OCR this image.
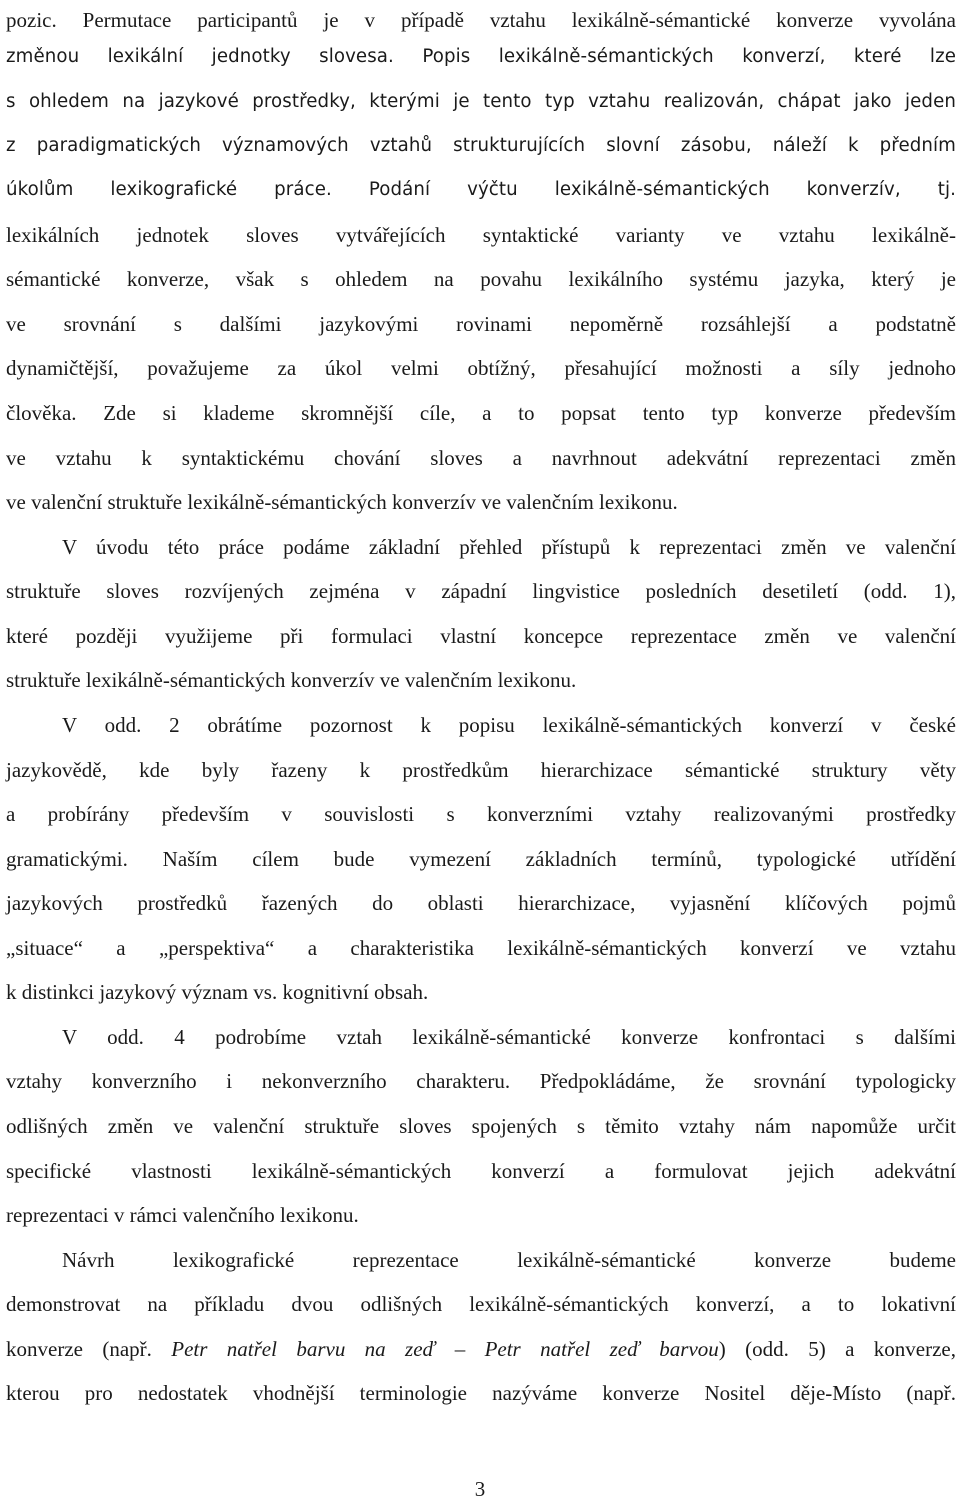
pozic. Permutace participantů je v případě vztahu lexikálně-sémantické konverze vyvolána
změnou lexikální jednotky slovesa. Popis lexikálně-sémantických konverzí, které lze
s ohledem na jazykové prostředky, kterými je tento typ vztahu realizován, chápat jako jeden
z paradigmatických významových vztahů strukturujících slovní zásobu, náleží k předním
úkolům lexikografické práce. Podání výčtu lexikálně-sémantických konverzív, tj.
lexikálních jednotek sloves vytvářejících syntaktické varianty ve vztahu lexikálně-
sémantické konverze, však s ohledem na povahu lexikálního systému jazyka, který je
ve srovnání s dalšími jazykovými rovinami nepoměrně rozsáhlejší a podstatně
dynamičtější, považujeme za úkol velmi obtížný, přesahující možnosti a síly jednoho
člověka. Zde si klademe skromnější cíle, a to popsat tento typ konverze především
ve vztahu k syntaktickému chování sloves a navrhnout adekvátní reprezentaci změn
ve valenční struktuře lexikálně-sémantických konverzív ve valenčním lexikonu.
V úvodu této práce podáme základní přehled přístupů k reprezentaci změn ve valenční
struktuře sloves rozvíjených zejména v západní lingvistice posledních desetiletí (odd. 1),
které později využijeme při formulaci vlastní koncepce reprezentace změn ve valenční
struktuře lexikálně-sémantických konverzív ve valenčním lexikonu.
V odd. 2 obrátíme pozornost k popisu lexikálně-sémantických konverzí v české
jazykovědě, kde byly řazeny k prostředkům hierarchizace sémantické struktury věty
a probírány především v souvislosti s konverzními vztahy realizovanými prostředky
gramatickými. Naším cílem bude vymezení základních termínů, typologické utřídění
jazykových prostředků řazených do oblasti hierarchizace, vyjasnění klíčových pojmů
„situace“ a „perspektiva“ a charakteristika lexikálně-sémantických konverzí ve vztahu
k distinkci jazykový význam vs. kognitivní obsah.
V odd. 4 podrobíme vztah lexikálně-sémantické konverze konfrontaci s dalšími
vztahy konverzního i nekonverzního charakteru. Předpokládáme, že srovnání typologicky
odlišných změn ve valenční struktuře sloves spojených s těmito vztahy nám napomůže určit
specifické vlastnosti lexikálně-sémantických konverzí a formulovat jejich adekvátní
reprezentaci v rámci valenčního lexikonu.
Návrh lexikografické reprezentace lexikálně-sémantické konverze budeme
demonstrovat na příkladu dvou odlišných lexikálně-sémantických konverzí, a to lokativní
konverze (např. Petr natřel barvu na zeď – Petr natřel zeď barvou) (odd. 5) a konverze,
kterou pro nedostatek vhodnější terminologie nazýváme konverze Nositel děje-Místo (např.
3
